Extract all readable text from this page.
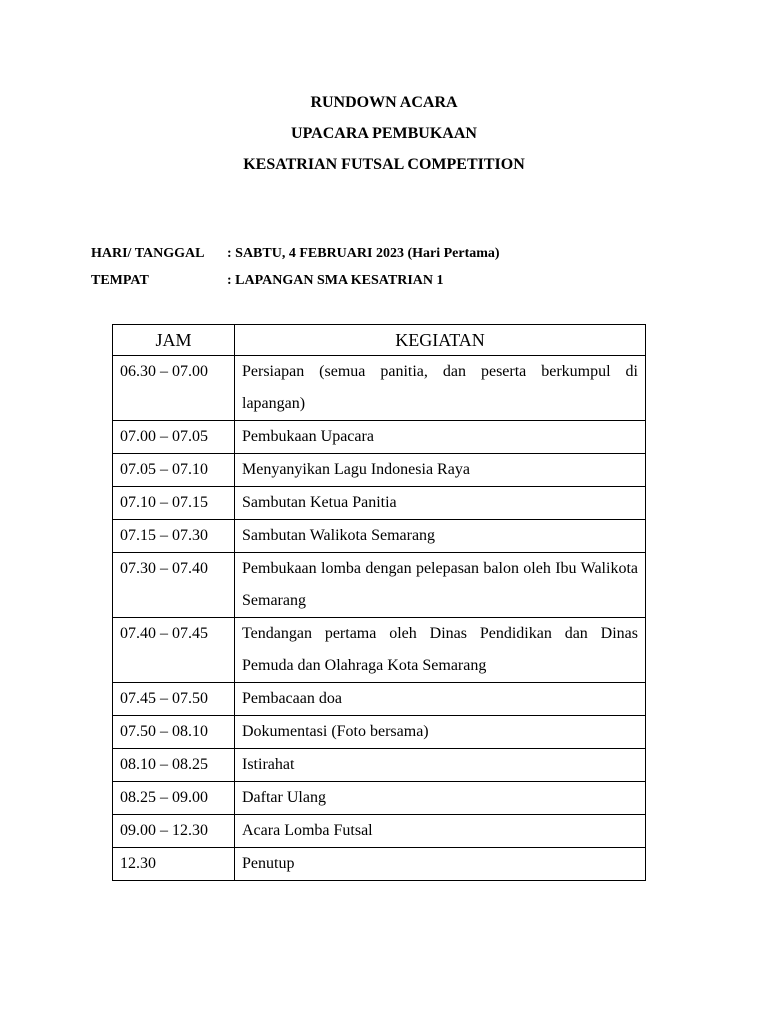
RUNDOWN ACARA
UPACARA PEMBUKAAN
KESATRIAN FUTSAL COMPETITION
HARI/ TANGGAL : SABTU, 4 FEBRUARI 2023 (Hari Pertama)
TEMPAT	: LAPANGAN SMA KESATRIAN 1
JAM	KEGIATAN
06.30 – 07.00	Persiapan (semua panitia, dan peserta berkumpul di lapangan)
07.00 – 07.05	Pembukaan Upacara
07.05 – 07.10	Menyanyikan Lagu Indonesia Raya
07.10 – 07.15	Sambutan Ketua Panitia
07.15 – 07.30	Sambutan Walikota Semarang
07.30 – 07.40	Pembukaan lomba dengan pelepasan balon oleh Ibu Walikota Semarang
07.40 – 07.45	Tendangan pertama oleh Dinas Pendidikan dan Dinas Pemuda dan Olahraga Kota Semarang
07.45 – 07.50	Pembacaan doa
07.50 – 08.10	Dokumentasi (Foto bersama)
08.10 – 08.25	Istirahat
08.25 – 09.00	Daftar Ulang
09.00 – 12.30	Acara Lomba Futsal
12.30	Penutup
